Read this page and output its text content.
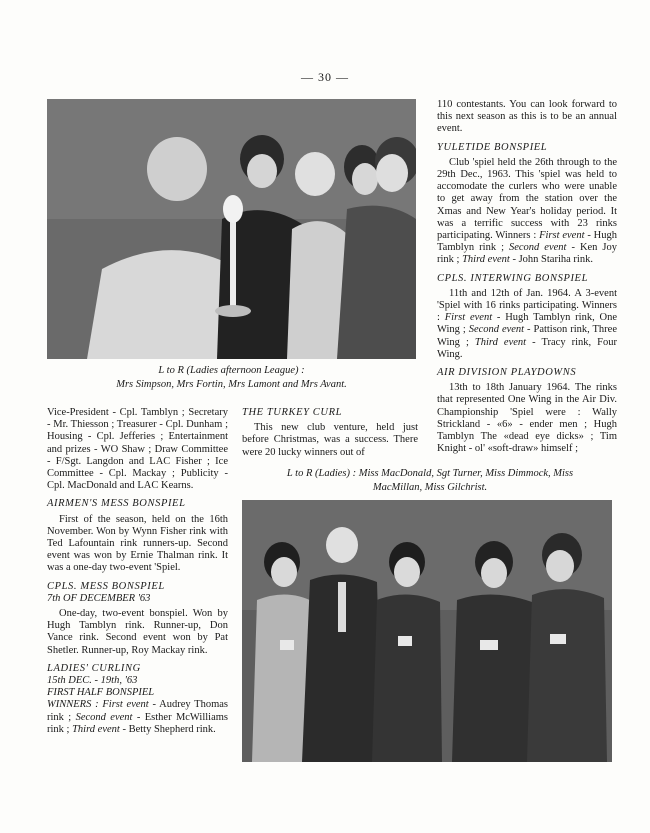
— 30 —
L to R (Ladies afternoon League) :
Mrs Simpson, Mrs Fortin, Mrs Lamont and Mrs Avant.

Vice-President - Cpl. Tamblyn ; Secretary - Mr. Thiesson ; Treasurer - Cpl. Dunham ; Housing - Cpl. Jefferies ; Entertainment and prizes - WO Shaw ; Draw Committee - F/Sgt. Langdon and LAC Fisher ; Ice Committee - Cpl. Mackay ; Publicity - Cpl. MacDonald and LAC Kearns.

AIRMEN'S MESS BONSPIEL

First of the season, held on the 16th November. Won by Wynn Fisher rink with Ted Lafountain rink runners-up. Second event was won by Ernie Thalman rink. It was a one-day two-event 'Spiel.

CPLS. MESS BONSPIEL
7th OF DECEMBER '63

One-day, two-event bonspiel. Won by Hugh Tamblyn rink. Runner-up, Don Vance rink. Second event won by Pat Shetler. Runner-up, Roy Mackay rink.

LADIES' CURLING
15th DEC. - 19th, '63
FIRST HALF BONSPIEL

WINNERS : First event - Audrey Thomas rink ; Second event - Esther McWilliams rink ; Third event - Betty Shepherd rink.

THE TURKEY CURL

This new club venture, held just before Christmas, was a success. There were 20 lucky winners out of

110 contestants. You can look forward to this next season as this is to be an annual event.

YULETIDE BONSPIEL

Club 'spiel held the 26th through to the 29th Dec., 1963. This 'spiel was held to accomodate the curlers who were unable to get away from the station over the Xmas and New Year's holiday period. It was a terrific success with 23 rinks participating. Winners : First event - Hugh Tamblyn rink ; Second event - Ken Joy rink ; Third event - John Stariha rink.

CPLS. INTERWING BONSPIEL

11th and 12th of Jan. 1964. A 3-event 'Spiel with 16 rinks participating. Winners : First event - Hugh Tamblyn rink, One Wing ; Second event - Pattison rink, Three Wing ; Third event - Tracy rink, Four Wing.

AIR DIVISION PLAYDOWNS

13th to 18th January 1964. The rinks that represented One Wing in the Air Div. Championship 'Spiel were : Wally Strickland - «6» - ender men ; Hugh Tamblyn The «dead eye dicks» ; Tim Knight - ol' «soft-draw» himself ;

L to R (Ladies) : Miss MacDonald, Sgt Turner, Miss Dimmock, Miss
MacMillan, Miss Gilchrist.
